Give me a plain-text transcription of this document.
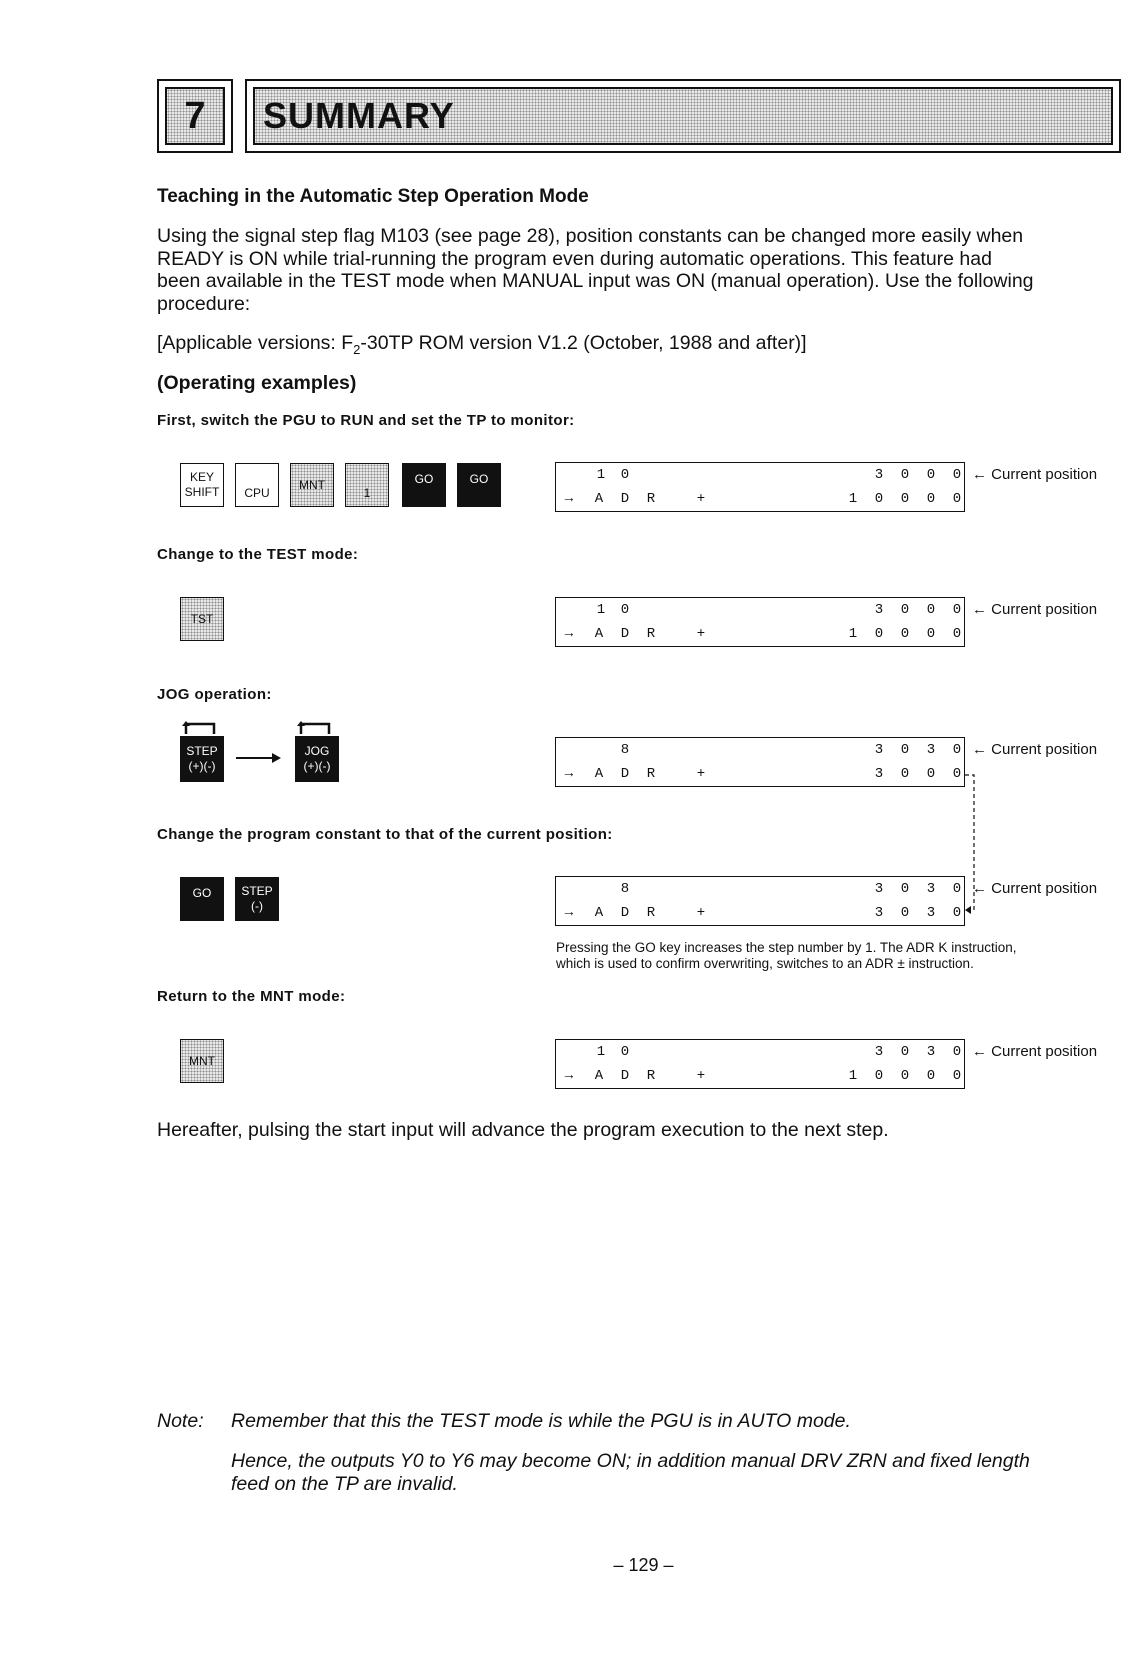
7	SUMMARY
Teaching in the Automatic Step Operation Mode
Using the signal step flag M103 (see page 28), position constants can be changed more easily when
READY is ON while trial-running the program even during automatic operations. This feature had
been available in the TEST mode when MANUAL input was ON (manual operation). Use the following
procedure:
[Applicable versions: $F_2-30TP$ ROM version V1.2 (October, 1988 and after)]
(Operating examples)
First, switch the PGU to RUN and set the TP to monitor:
KEY
SHIFT CPU
MNT
1
GO	GO	1 0	3 0 0 0
→ A D R	+	1 0 0 0 0
← Current position
Change to the TEST mode:
TST
1 0	3 0 0 0
→ A D R	+	1 0 0 0 0
← Current position
JOG operation:
STEP
(+)(-)
JOG
(+)(-)
8	3 0 3 0
→ A D R	+	3 0 0 0
← Current position
Change the program constant to that of the current position:
GO	STEP
(-)
8	3 0 3 0
→ A D R	+	3 0 3 0
← Current position
Pressing the GO key increases the step number by 1. The ADR K instruction,
which is used to confirm overwriting, switches to an ADR ± instruction.
Return to the MNT mode:
MNT
1 0	3 0 3 0
→ A D R	+	1 0 0 0 0
← Current position
Hereafter, pulsing the start input will advance the program execution to the next step.
Note: Remember that this the TEST mode is while the PGU is in AUTO mode.
Hence, the outputs Y0 to Y6 may become ON; in addition manual DRV ZRN and fixed length
feed on the TP are invalid.
– 129 –
